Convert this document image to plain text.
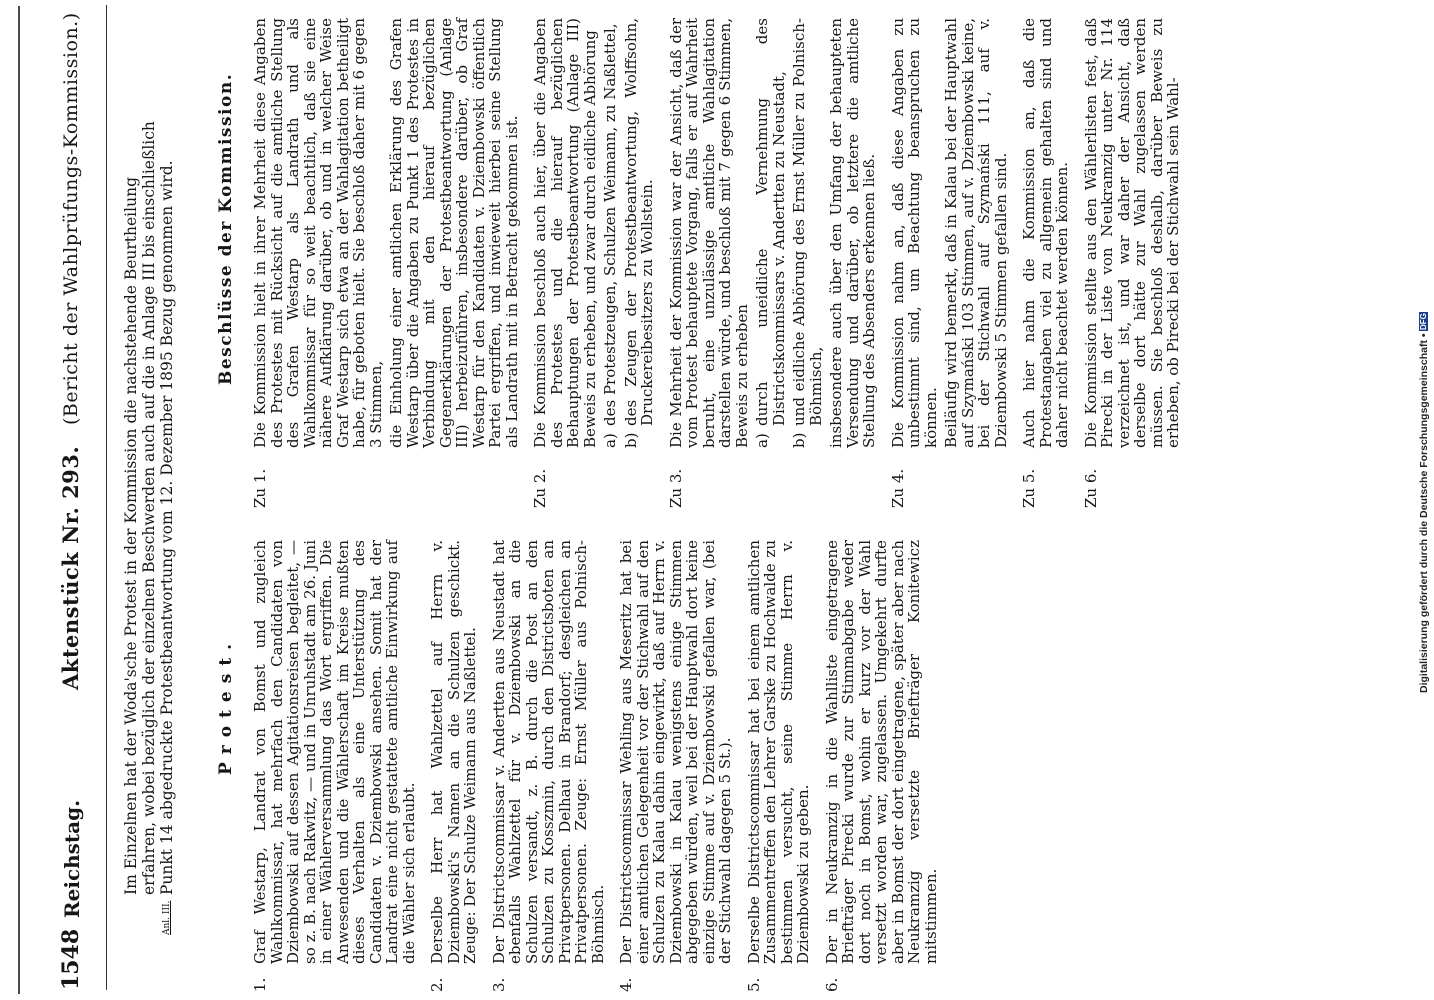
1548
Reichstag.
Aktenstück Nr. 293.
(Bericht der Wahlprüfungs-Kommission.)
Anl. III.

Im Einzelnen hat der Woda'sche Protest in der Kommission die nachstehende Beurtheilung erfahren, wobei bezüglich der einzelnen Beschwerden auch auf die in Anlage III bis einschließlich Punkt 14 abgedruckte Protestbeantwortung vom 12. Dezember 1895 Bezug genommen wird. Protest.
Beschlüsse der Kommission.
1.
Graf Westarp, Landrat von Bomst und zugleich Wahlkommissar, hat mehrfach den Candidaten von Dziembowski auf dessen Agitationsreisen begleitet, — so z. B. nach Rakwitz, — und in Unruhstadt am 26. Juni in einer Wählerversammlung das Wort ergriffen. Die Anwesenden und die Wählerschaft im Kreise mußten dieses Verhalten als eine Unterstützung des Candidaten v. Dziembowski ansehen. Somit hat der Landrat eine nicht gestattete amtliche Einwirkung auf die Wähler sich erlaubt.
2.
Derselbe Herr hat Wahlzettel auf Herrn v. Dziembowski's Namen an die Schulzen geschickt. Zeuge: Der Schulze Weimann aus Naßlettel.
3.
Der Districtscommissar v. Andertten aus Neustadt hat ebenfalls Wahlzettel für v. Dziembowski an die Schulzen versandt, z. B. durch die Post an den Schulzen zu Kosszmin, durch den Districtsboten an Privatpersonen. Delhau in Brandorf; desgleichen an Privatpersonen. Zeuge: Ernst Müller aus Polnisch-Böhmisch.
4.
Der Districtscommissar Wehling aus Meseritz hat bei einer amtlichen Gelegenheit vor der Stichwahl auf den Schulzen zu Kalau dahin eingewirkt, daß auf Herrn v. Dziembowski in Kalau wenigstens einige Stimmen abgegeben würden, weil bei der Hauptwahl dort keine einzige Stimme auf v. Dziembowski gefallen war, (bei der Stichwahl dagegen 5 St.).
5.
Derselbe Districtscommissar hat bei einem amtlichen Zusammentreffen den Lehrer Garske zu Hochwalde zu bestimmen versucht, seine Stimme Herrn v. Dziembowski zu geben.
6.
Der in Neukramzig in die Wahlliste eingetragene Briefträger Pirecki wurde zur Stimmabgabe weder dort noch in Bomst, wohin er kurz vor der Wahl versetzt worden war, zugelassen. Umgekehrt durfte aber in Bomst der dort eingetragene, später aber nach Neukramzig versetzte Briefträger Konitewicz mitstimmen.
Zu 1.
Die Kommission hielt in ihrer Mehrheit diese Angaben des Protestes mit Rücksicht auf die amtliche Stellung des Grafen Westarp als Landrath und als Wahlkommissar für so weit beachtlich, daß sie eine nähere Aufklärung darüber, ob und in welcher Weise Graf Westarp sich etwa an der Wahlagitation betheiligt habe, für geboten hielt. Sie beschloß daher mit 6 gegen 3 Stimmen, die Einholung einer amtlichen Erklärung des Grafen Westarp über die Angaben zu Punkt 1 des Protestes in Verbindung mit den hierauf bezüglichen Gegenerklärungen der Protestbeantwortung (Anlage III) herbeizuführen, insbesondere darüber, ob Graf Westarp für den Kandidaten v. Dziembowski öffentlich Partei ergriffen, und inwieweit hierbei seine Stellung als Landrath mit in Betracht gekommen ist.
Zu 2.
Die Kommission beschloß auch hier, über die Angaben des Protestes und die hierauf bezüglichen Behauptungen der Protestbeantwortung (Anlage III) Beweis zu erheben, und zwar durch eidliche Abhörung a)
des Protestzeugen, Schulzen Weimann, zu Naßlettel,
b)
des Zeugen der Protestbeantwortung, Wolffsohn, Druckereibesitzers zu Wollstein.
Zu 3.
Die Mehrheit der Kommission war der Ansicht, daß der vom Protest behauptete Vorgang, falls er auf Wahrheit beruht, eine unzulässige amtliche Wahlagitation darstellen würde, und beschloß mit 7 gegen 6 Stimmen, Beweis zu erheben a)
durch uneidliche Vernehmung des Districtskommissars v. Andertten zu Neustadt,
b)
und eidliche Abhörung des Ernst Müller zu Polnisch-Böhmisch, insbesondere auch über den Umfang der behaupteten Versendung und darüber, ob letztere die amtliche Stellung des Absenders erkennen ließ.
Zu 4.
Die Kommission nahm an, daß diese Angaben zu unbestimmt sind, um Beachtung beanspruchen zu können. Beiläufig wird bemerkt, daß in Kalau bei der Hauptwahl auf Szymański 103 Stimmen, auf v. Dziembowski keine, bei der Stichwahl auf Szymański 111, auf v. Dziembowski 5 Stimmen gefallen sind.
Zu 5.
Auch hier nahm die Kommission an, daß die Protestangaben viel zu allgemein gehalten sind und daher nicht beachtet werden können.
Zu 6.
Die Kommission stellte aus den Wählerlisten fest, daß Pirecki in der Liste von Neukramzig unter Nr. 114 verzeichnet ist, und war daher der Ansicht, daß derselbe dort hätte zur Wahl zugelassen werden müssen. Sie beschloß deshalb, darüber Beweis zu erheben, ob Pirecki bei der Stichwahl sein Wahl-
Digitalisierung gefördert durch die Deutsche Forschungsgemeinschaft • DFG
